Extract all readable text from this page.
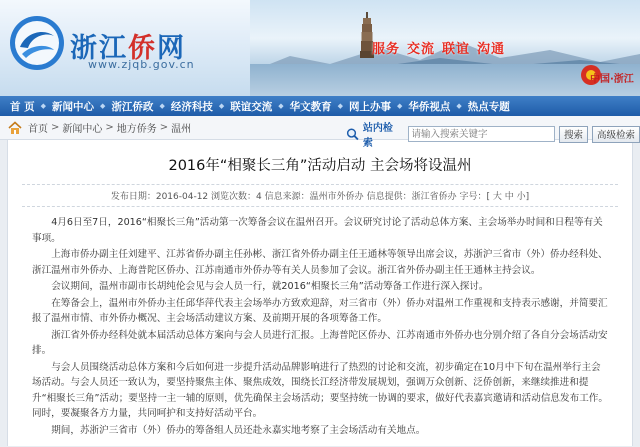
浙江侨网
www.zjqb.gov.cn
服务 交流 联谊 沟通
中国·浙江
首 页 ◆ 新闻中心 ◆ 浙江侨政 ◆ 经济科技 ◆ 联谊交流 ◆ 华文教育 ◆ 网上办事 ◆ 华侨视点 ◆ 热点专题
首页 > 新闻中心 > 地方侨务 > 温州	站内检索
请输入搜索关键字
搜索	高级检索
2016年“相聚长三角”活动启动 主会场将设温州
发布日期：2016-04-12 浏览次数：4 信息来源：温州市外侨办 信息提供：浙江省侨办 字号：[ 大 中 小]

4月6日至7日，2016“相聚长三角”活动第一次筹备会议在温州召开。会议研究讨论了活动总体方案、主会场举办时间和日程等有关事项。

上海市侨办副主任刘建平、江苏省侨办副主任孙彬、浙江省外侨办副主任王通林等领导出席会议，苏浙沪三省市（外）侨办经科处、浙江温州市外侨办、上海普陀区侨办、江苏南通市外侨办等有关人员参加了会议。浙江省外侨办副主任王通林主持会议。

会议期间，温州市副市长胡纯伦会见与会人员一行，就2016“相聚长三角”活动筹备工作进行深入探讨。

在筹备会上，温州市外侨办主任邱华萍代表主会场举办方致欢迎辞，对三省市（外）侨办对温州工作重视和支持表示感谢，并简要汇报了温州市情、市外侨办概况、主会场活动建议方案、及前期开展的各项筹备工作。

浙江省外侨办经科处就本届活动总体方案向与会人员进行汇报。上海普陀区侨办、江苏南通市外侨办也分别介绍了各自分会场活动安排。

与会人员围绕活动总体方案和今后如何进一步提升活动品牌影响进行了热烈的讨论和交流，初步确定在10月中下旬在温州举行主会场活动。与会人员还一致认为，要坚持聚焦主体、聚焦成效，围绕长江经济带发展规划，强调万众创新、泛侨创新，来继续推进和提升“相聚长三角”活动；要坚持一主一辅的原则，优先确保主会场活动；要坚持统一协调的要求，做好代表嘉宾邀请和活动信息发布工作。同时，要凝聚各方力量，共同呵护和支持好活动平台。

期间，苏浙沪三省市（外）侨办的筹备组人员还赴永嘉实地考察了主会场活动有关地点。
